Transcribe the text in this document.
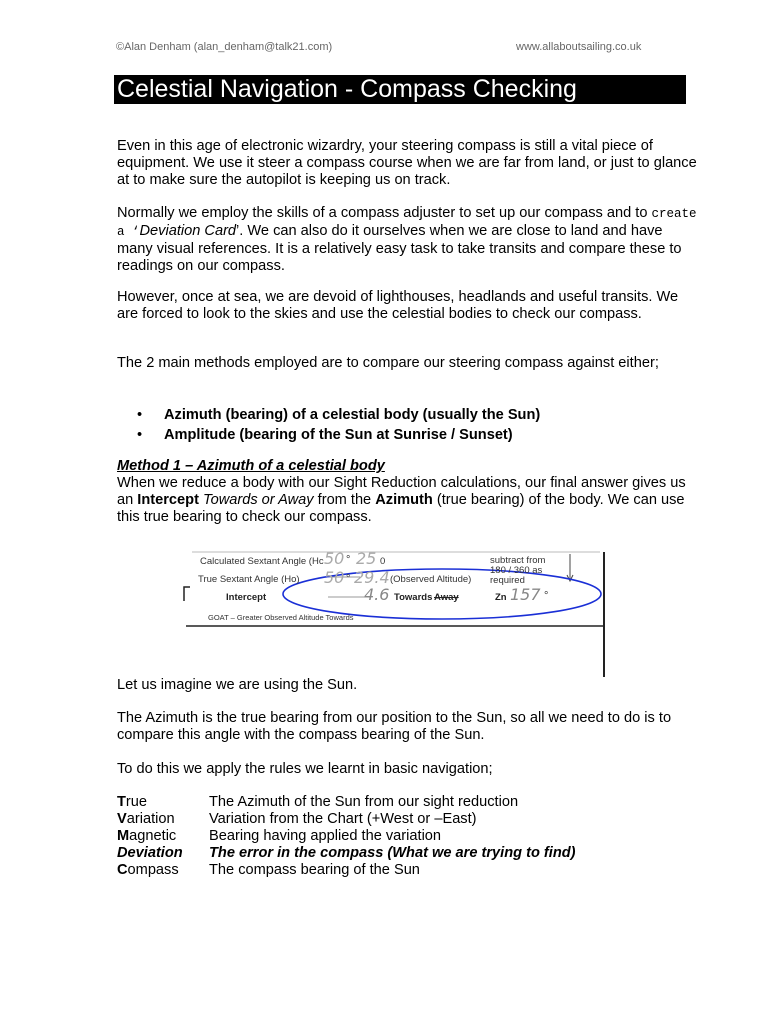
©Alan Denham (alan_denham@talk21.com)	www.allaboutsailing.co.uk
Celestial Navigation - Compass Checking

Even in this age of electronic wizardry, your steering compass is still a vital piece of equipment. We use it steer a compass course when we are far from land, or just to glance at to make sure the autopilot is keeping us on track.

Normally we employ the skills of a compass adjuster to set up our compass and to create a ‘Deviation Card’. We can also do it ourselves when we are close to land and have many visual references. It is a relatively easy task to take transits and compare these to readings on our compass.

However, once at sea, we are devoid of lighthouses, headlands and useful transits. We are forced to look to the skies and use the celestial bodies to check our compass.

The 2 main methods employed are to compare our steering compass against either;

• Azimuth (bearing) of a celestial body (usually the Sun)
• Amplitude (bearing of the Sun at Sunrise / Sunset)
Method 1 – Azimuth of a celestial body

When we reduce a body with our Sight Reduction calculations, our final answer gives us an Intercept Towards or Away from the Azimuth (true bearing) of the body. We can use this true bearing to check our compass.

Calculated Sextant Angle (Hc 50 ° 25 0	subtract from 180 / 360 as required
True Sextant Angle (Ho) 50 ° 29.4 (Observed Altitude)
Intercept	4.6 Towards Away	Zn 157 °
GOAT – Greater Observed Altitude Towards

Let us imagine we are using the Sun.

The Azimuth is the true bearing from our position to the Sun, so all we need to do is to compare this angle with the compass bearing of the Sun.

To do this we apply the rules we learnt in basic navigation;

True	The Azimuth of the Sun from our sight reduction
Variation	Variation from the Chart (+West or –East)
Magnetic	Bearing having applied the variation
Deviation	The error in the compass (What we are trying to find)
Compass	The compass bearing of the Sun
